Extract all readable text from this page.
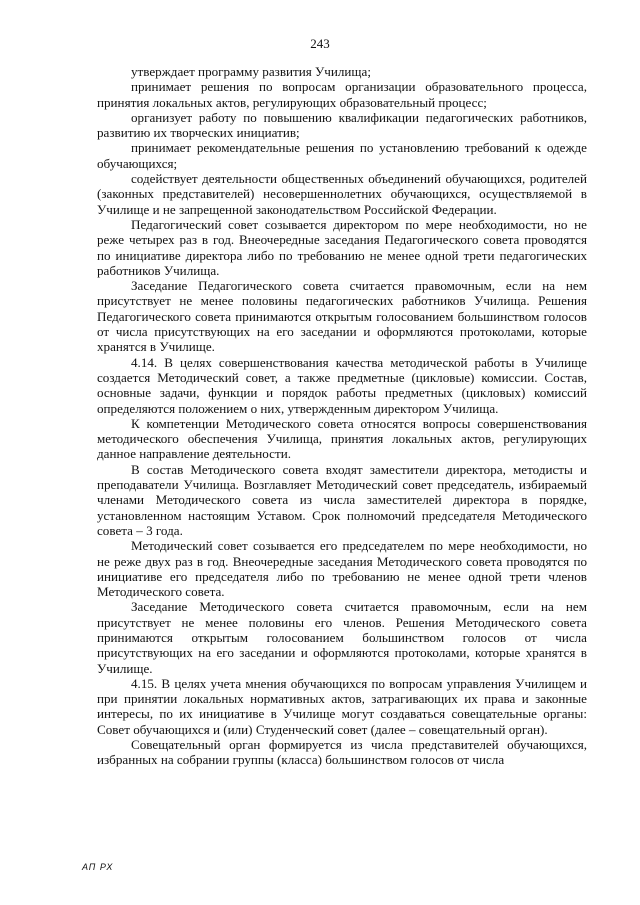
243

утверждает программу развития Училища;

принимает решения по вопросам организации образовательного процесса, принятия локальных актов, регулирующих образовательный процесс;

организует работу по повышению квалификации педагогических работников, развитию их творческих инициатив;

принимает рекомендательные решения по установлению требований к одежде обучающихся;

содействует деятельности общественных объединений обучающихся, родителей (законных представителей) несовершеннолетних обучающихся, осуществляемой в Училище и не запрещенной законодательством Российской Федерации.

Педагогический совет созывается директором по мере необходимости, но не реже четырех раз в год. Внеочередные заседания Педагогического совета проводятся по инициативе директора либо по требованию не менее одной трети педагогических работников Училища.

Заседание Педагогического совета считается правомочным, если на нем присутствует не менее половины педагогических работников Училища. Решения Педагогического совета принимаются открытым голосованием большинством голосов от числа присутствующих на его заседании и оформляются протоколами, которые хранятся в Училище.

4.14. В целях совершенствования качества методической работы в Училище создается Методический совет, а также предметные (цикловые) комиссии. Состав, основные задачи, функции и порядок работы предметных (цикловых) комиссий определяются положением о них, утвержденным директором Училища.

К компетенции Методического совета относятся вопросы совершенствования методического обеспечения Училища, принятия локальных актов, регулирующих данное направление деятельности.

В состав Методического совета входят заместители директора, методисты и преподаватели Училища. Возглавляет Методический совет председатель, избираемый членами Методического совета из числа заместителей директора в порядке, установленном настоящим Уставом. Срок полномочий председателя Методического совета – 3 года.

Методический совет созывается его председателем по мере необходимости, но не реже двух раз в год. Внеочередные заседания Методического совета проводятся по инициативе его председателя либо по требованию не менее одной трети членов Методического совета.

Заседание Методического совета считается правомочным, если на нем присутствует не менее половины его членов. Решения Методического совета принимаются открытым голосованием большинством голосов от числа присутствующих на его заседании и оформляются протоколами, которые хранятся в Училище.

4.15. В целях учета мнения обучающихся по вопросам управления Училищем и при принятии локальных нормативных актов, затрагивающих их права и законные интересы, по их инициативе в Училище могут создаваться совещательные органы: Совет обучающихся и (или) Студенческий совет (далее – совещательный орган).

Совещательный орган формируется из числа представителей обучающихся, избранных на собрании группы (класса) большинством голосов от числа

АП РХ
